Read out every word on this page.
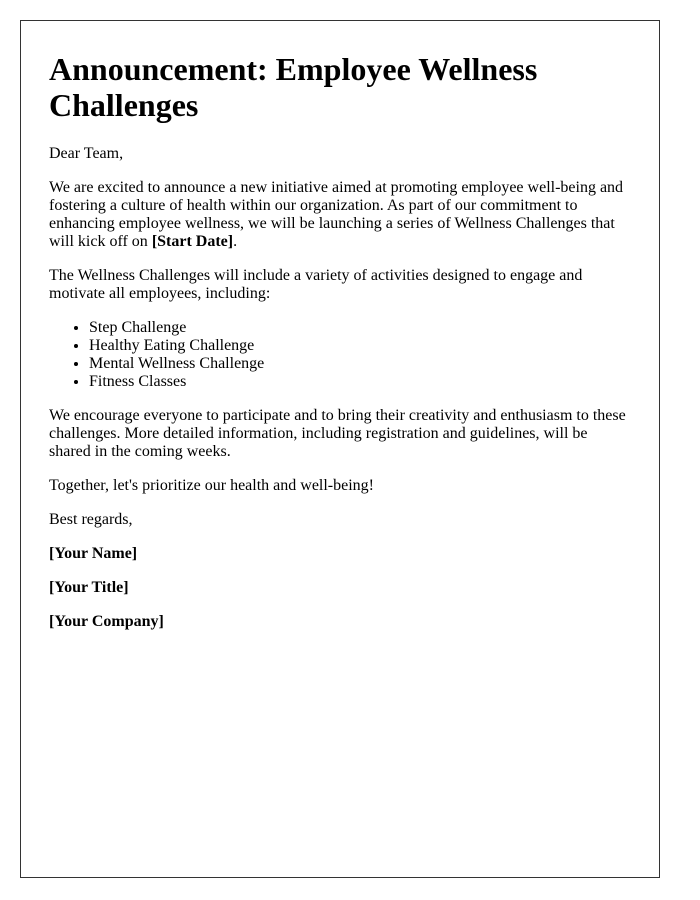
Announcement: Employee Wellness Challenges

Dear Team,

We are excited to announce a new initiative aimed at promoting employee well-being and fostering a culture of health within our organization. As part of our commitment to enhancing employee wellness, we will be launching a series of Wellness Challenges that will kick off on [Start Date].

The Wellness Challenges will include a variety of activities designed to engage and motivate all employees, including:

• Step Challenge
• Healthy Eating Challenge
• Mental Wellness Challenge
• Fitness Classes

We encourage everyone to participate and to bring their creativity and enthusiasm to these challenges. More detailed information, including registration and guidelines, will be shared in the coming weeks.

Together, let's prioritize our health and well-being!

Best regards,

[Your Name]

[Your Title]

[Your Company]
